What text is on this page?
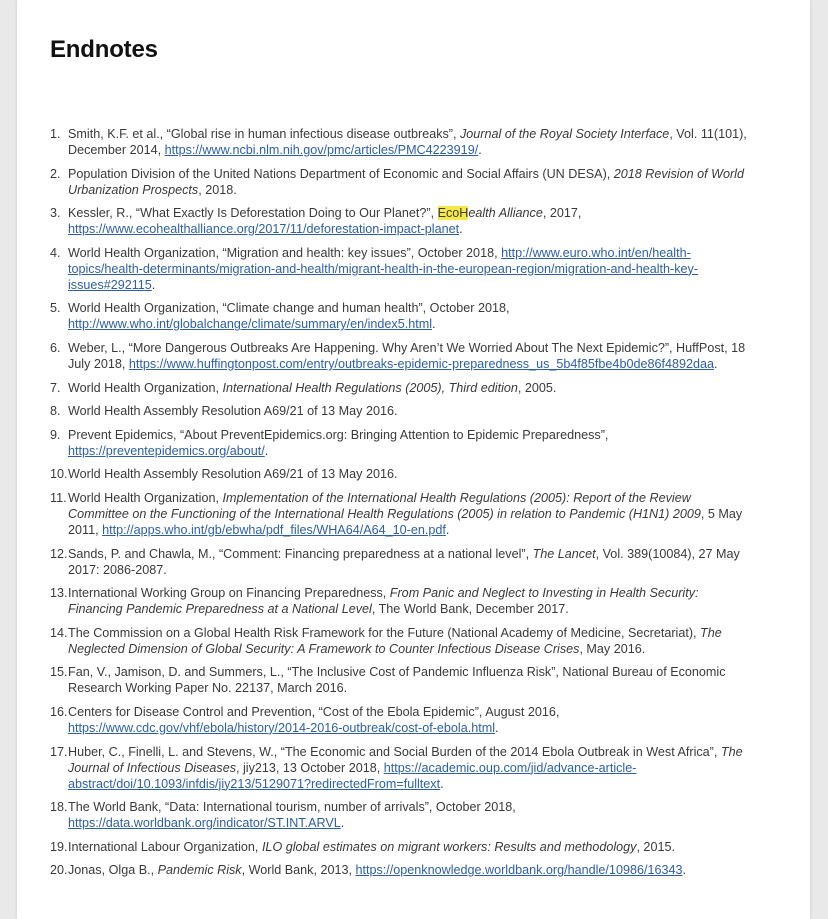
Endnotes
1. Smith, K.F. et al., “Global rise in human infectious disease outbreaks”, Journal of the Royal Society Interface, Vol. 11(101), December 2014, https://www.ncbi.nlm.nih.gov/pmc/articles/PMC4223919/.
2. Population Division of the United Nations Department of Economic and Social Affairs (UN DESA), 2018 Revision of World Urbanization Prospects, 2018.
3. Kessler, R., “What Exactly Is Deforestation Doing to Our Planet?”, EcoHealth Alliance, 2017, https://www.ecohealthalliance.org/2017/11/deforestation-impact-planet.
4. World Health Organization, “Migration and health: key issues”, October 2018, http://www.euro.who.int/en/health-topics/health-determinants/migration-and-health/migrant-health-in-the-european-region/migration-and-health-key-issues#292115.
5. World Health Organization, “Climate change and human health”, October 2018, http://www.who.int/globalchange/climate/summary/en/index5.html.
6. Weber, L., “More Dangerous Outbreaks Are Happening. Why Aren’t We Worried About The Next Epidemic?”, HuffPost, 18 July 2018, https://www.huffingtonpost.com/entry/outbreaks-epidemic-preparedness_us_5b4f85fbe4b0de86f4892daa.
7. World Health Organization, International Health Regulations (2005), Third edition, 2005.
8. World Health Assembly Resolution A69/21 of 13 May 2016.
9. Prevent Epidemics, “About PreventEpidemics.org: Bringing Attention to Epidemic Preparedness”, https://preventepidemics.org/about/.
10. World Health Assembly Resolution A69/21 of 13 May 2016.
11. World Health Organization, Implementation of the International Health Regulations (2005): Report of the Review Committee on the Functioning of the International Health Regulations (2005) in relation to Pandemic (H1N1) 2009, 5 May 2011, http://apps.who.int/gb/ebwha/pdf_files/WHA64/A64_10-en.pdf.
12. Sands, P. and Chawla, M., “Comment: Financing preparedness at a national level”, The Lancet, Vol. 389(10084), 27 May 2017: 2086-2087.
13. International Working Group on Financing Preparedness, From Panic and Neglect to Investing in Health Security: Financing Pandemic Preparedness at a National Level, The World Bank, December 2017.
14. The Commission on a Global Health Risk Framework for the Future (National Academy of Medicine, Secretariat), The Neglected Dimension of Global Security: A Framework to Counter Infectious Disease Crises, May 2016.
15. Fan, V., Jamison, D. and Summers, L., “The Inclusive Cost of Pandemic Influenza Risk”, National Bureau of Economic Research Working Paper No. 22137, March 2016.
16. Centers for Disease Control and Prevention, “Cost of the Ebola Epidemic”, August 2016, https://www.cdc.gov/vhf/ebola/history/2014-2016-outbreak/cost-of-ebola.html.
17. Huber, C., Finelli, L. and Stevens, W., “The Economic and Social Burden of the 2014 Ebola Outbreak in West Africa”, The Journal of Infectious Diseases, jiy213, 13 October 2018, https://academic.oup.com/jid/advance-article-abstract/doi/10.1093/infdis/jiy213/5129071?redirectedFrom=fulltext.
18. The World Bank, “Data: International tourism, number of arrivals”, October 2018, https://data.worldbank.org/indicator/ST.INT.ARVL.
19. International Labour Organization, ILO global estimates on migrant workers: Results and methodology, 2015.
20. Jonas, Olga B., Pandemic Risk, World Bank, 2013, https://openknowledge.worldbank.org/handle/10986/16343.
